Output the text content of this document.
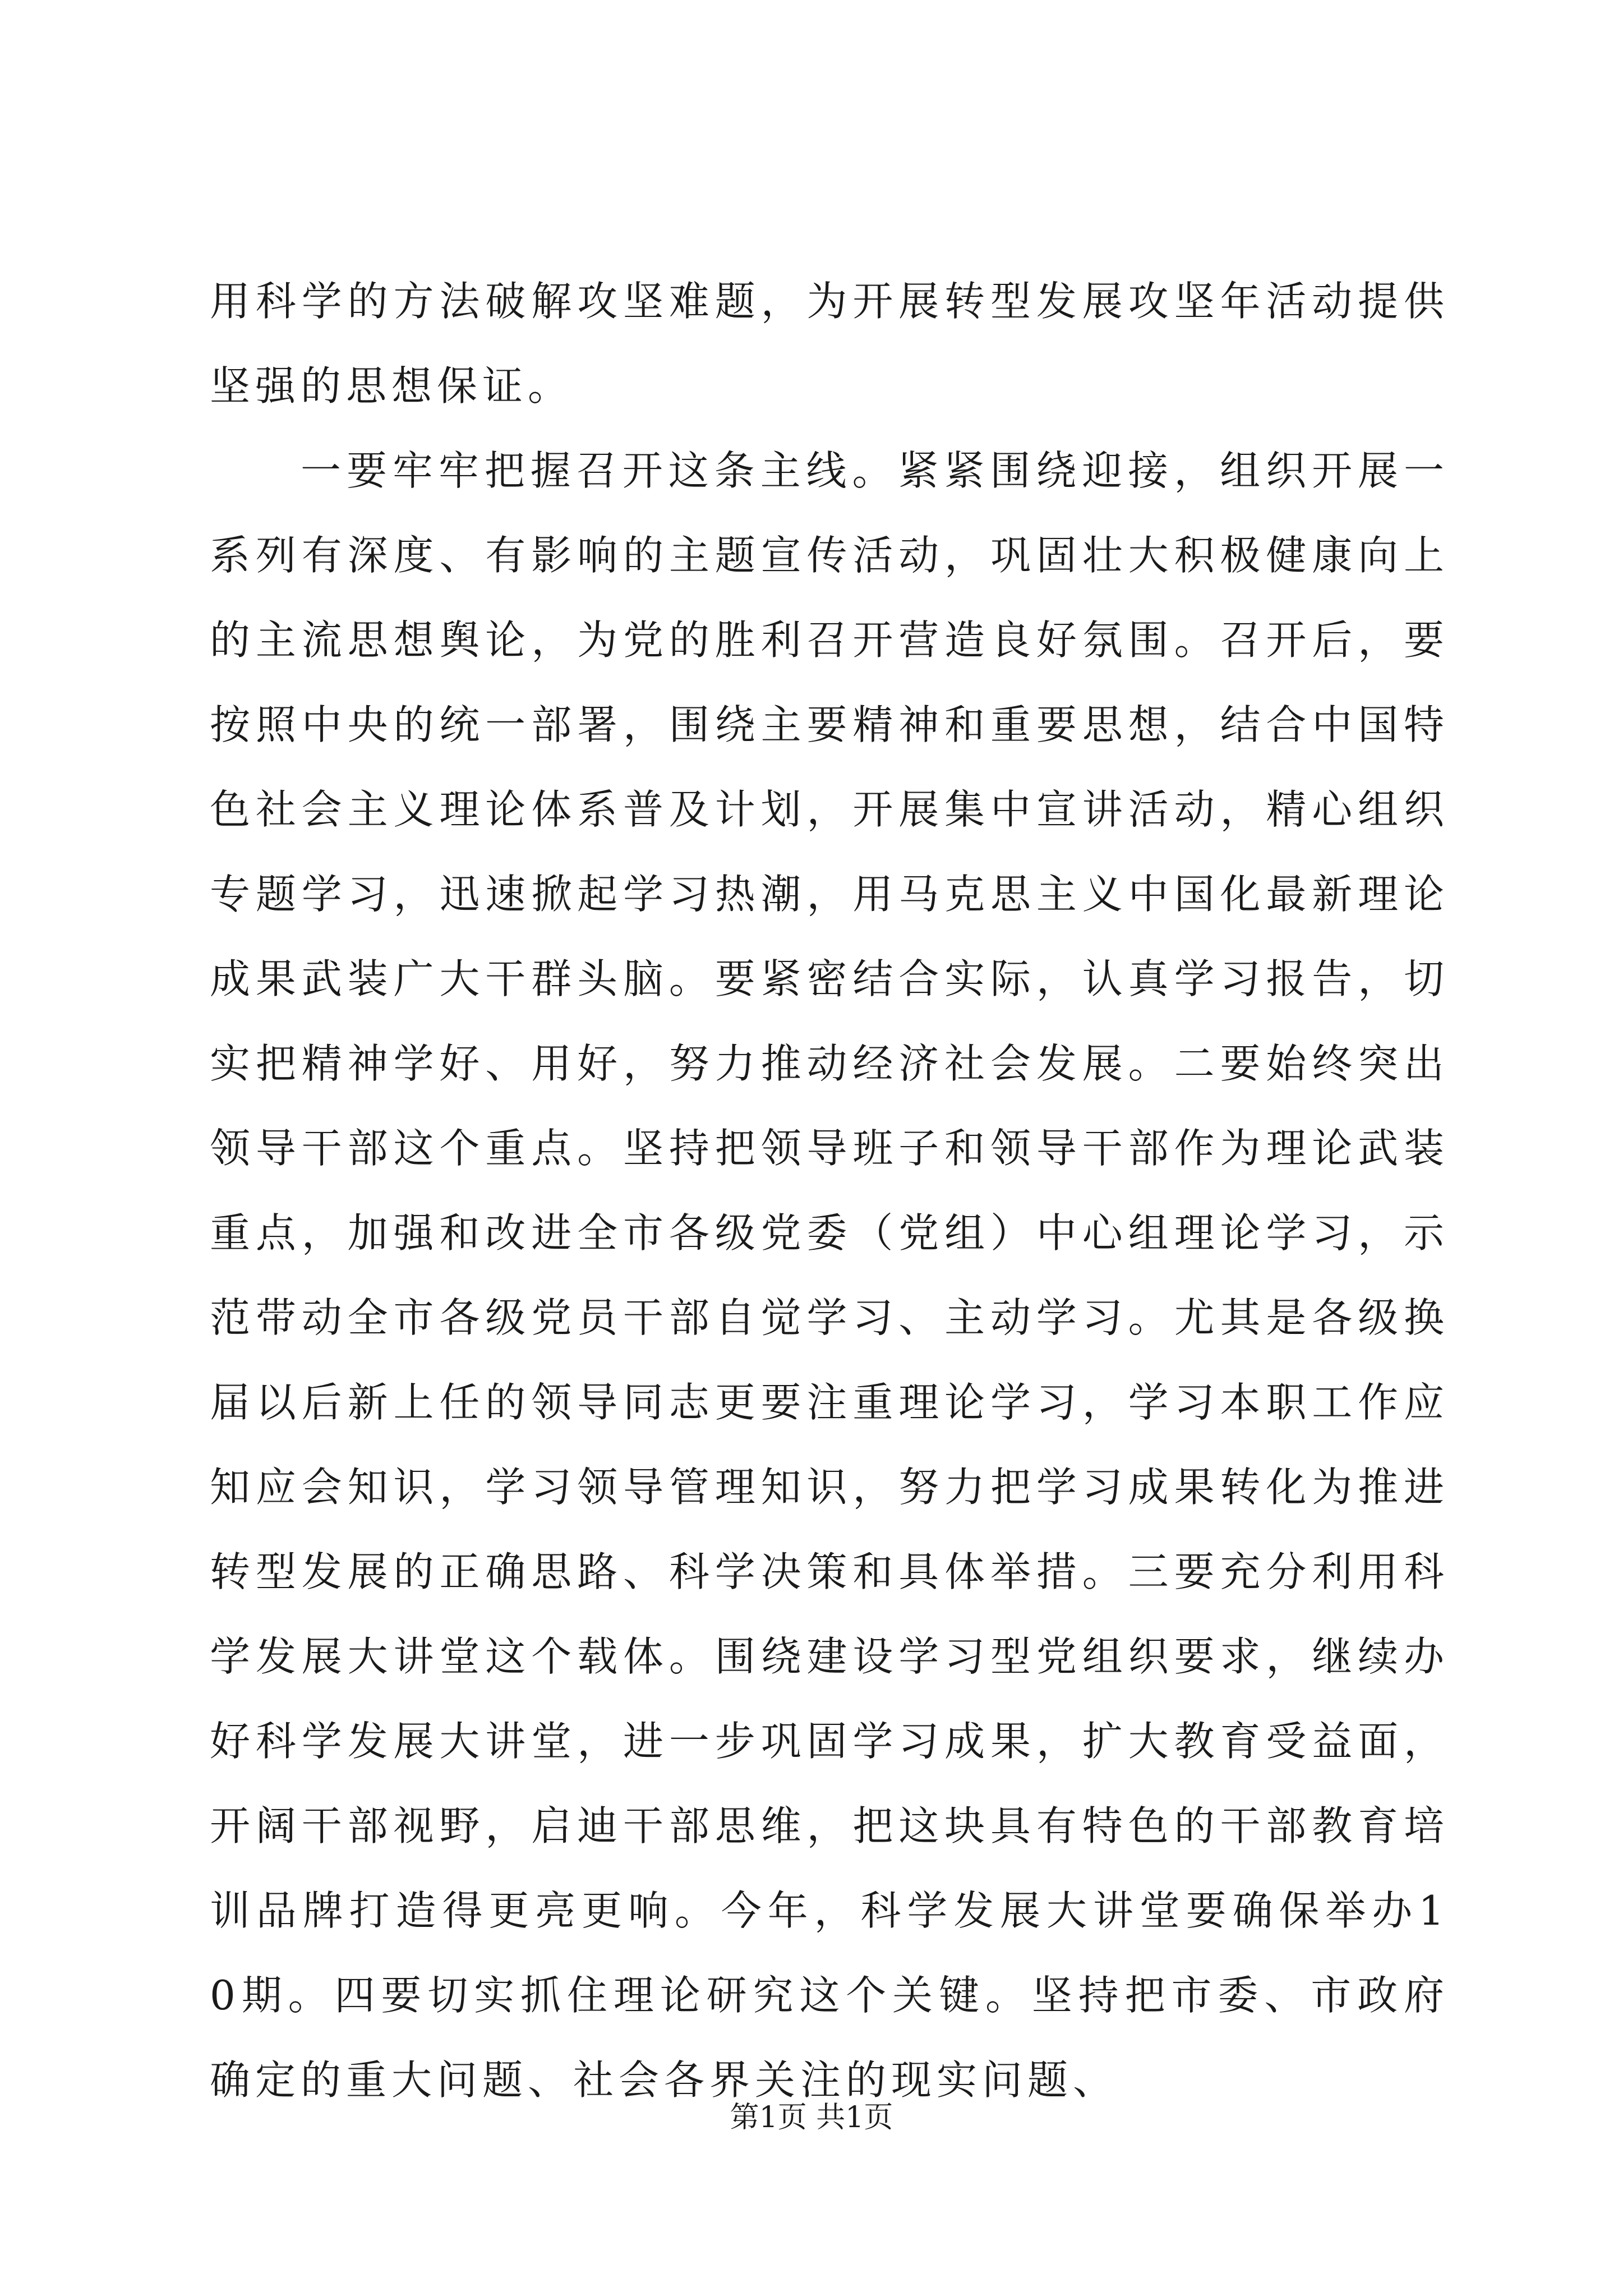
用科学的方法破解攻坚难题，为开展转型发展攻坚年活动提供坚强的思想保证。

一要牢牢把握召开这条主线。紧紧围绕迎接，组织开展一系列有深度、有影响的主题宣传活动，巩固壮大积极健康向上的主流思想舆论，为党的胜利召开营造良好氛围。召开后，要按照中央的统一部署，围绕主要精神和重要思想，结合中国特色社会主义理论体系普及计划，开展集中宣讲活动，精心组织专题学习，迅速掀起学习热潮，用马克思主义中国化最新理论成果武装广大干群头脑。要紧密结合实际，认真学习报告，切实把精神学好、用好，努力推动经济社会发展。二要始终突出领导干部这个重点。坚持把领导班子和领导干部作为理论武装重点，加强和改进全市各级党委（党组）中心组理论学习，示范带动全市各级党员干部自觉学习、主动学习。尤其是各级换届以后新上任的领导同志更要注重理论学习，学习本职工作应知应会知识，学习领导管理知识，努力把学习成果转化为推进转型发展的正确思路、科学决策和具体举措。三要充分利用科学发展大讲堂这个载体。围绕建设学习型党组织要求，继续办好科学发展大讲堂，进一步巩固学习成果，扩大教育受益面，开阔干部视野，启迪干部思维，把这块具有特色的干部教育培训品牌打造得更亮更响。今年，科学发展大讲堂要确保举办10期。四要切实抓住理论研究这个关键。坚持把市委、市政府确定的重大问题、社会各界关注的现实问题、

第1页 共1页
